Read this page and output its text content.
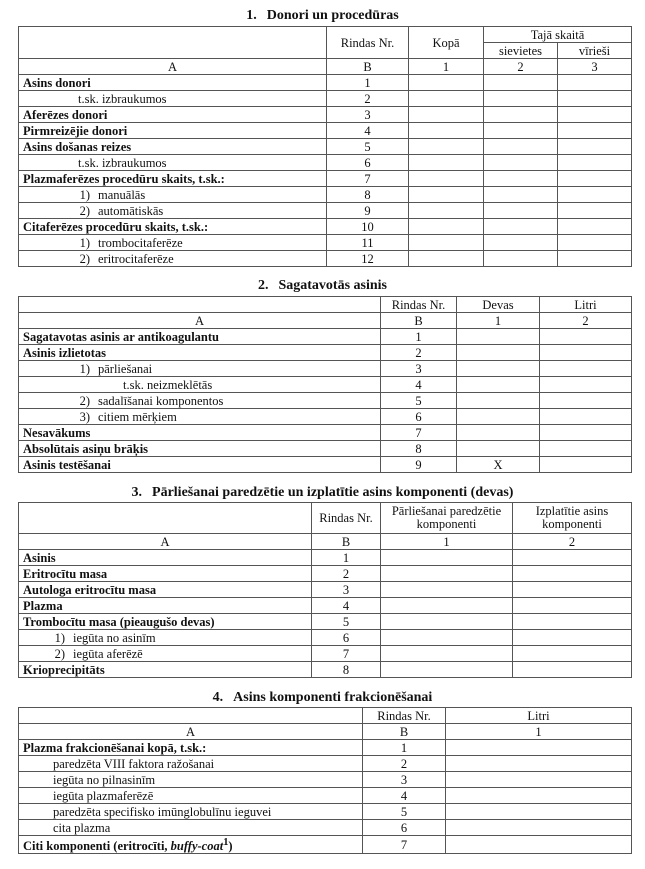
1. Donori un procedūras
	Rindas Nr.	Kopā	Tajā skaitā	
			sievietes	vīrieši
A	B	1	2	3
Asins donori	1			
t.sk. izbraukumos	2			
Aferēzes donori	3			
Pirmreizējie donori	4			
Asins došanas reizes	5			
t.sk. izbraukumos	6			
Plazmaferēzes procedūru skaits, t.sk.:	7			
1) manuālās	8			
2) automātiskās	9			
Citaferēzes procedūru skaits, t.sk.:	10			
1) trombocitaferēze	11			
2) eritrocitaferēze	12			
2. Sagatavotās asinis
	Rindas Nr.	Devas	Litri
A	B	1	2
Sagatavotas asinis ar antikoagulantu	1		
Asinis izlietotas	2		
1) pārliešanai	3		
t.sk. neizmeklētās	4		
2) sadalīšanai komponentos	5		
3) citiem mērķiem	6		
Nesavākums	7		
Absolūtais asiņu brāķis	8		
Asinis testēšanai	9	X	
3. Pārliešanai paredzētie un izplatītie asins komponenti (devas)
	Rindas Nr.	Pārliešanai paredzētie komponenti	Izplatītie asins komponenti
A	B	1	2
Asinis	1		
Eritrocītu masa	2		
Autologa eritrocītu masa	3		
Plazma	4		
Trombocītu masa (pieaugušo devas)	5		
1) iegūta no asinīm	6		
2) iegūta aferēzē	7		
Krioprecipitāts	8		
4. Asins komponenti frakcionēšanai
	Rindas Nr.	Litri
A	B	1
Plazma frakcionēšanai kopā, t.sk.:	1	
paredzēta VIII faktora ražošanai	2	
iegūta no pilnasinīm	3	
iegūta plazmaferēzē	4	
paredzēta specifisko imūnglobulīnu ieguvei	5	
cita plazma	6	
Citi komponenti (eritrocīti, buffy-coat$^1$)	7	
